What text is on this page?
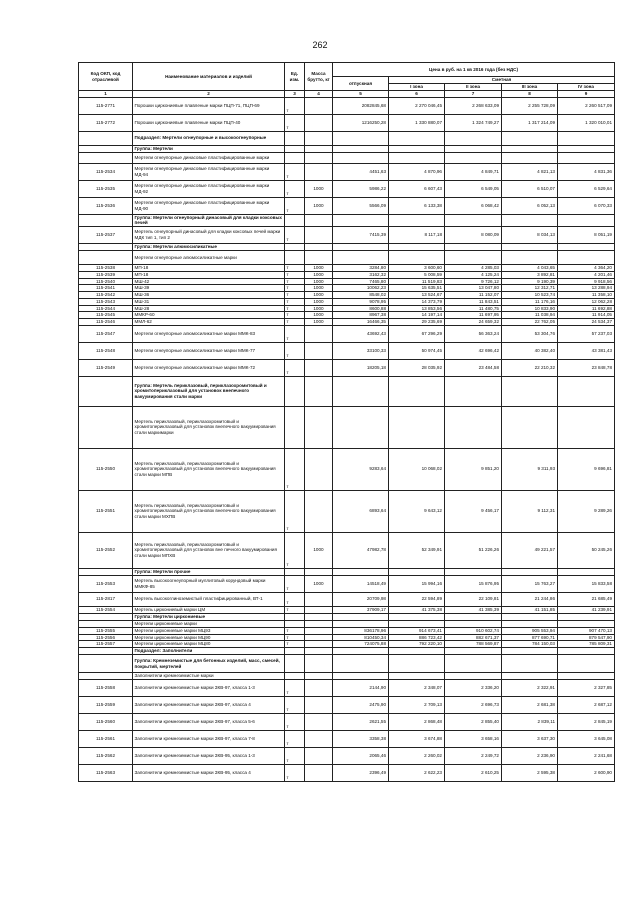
262
Код ОКП, код отраслевой	Наименование материалов и изделий	Ед. изм.	Масса брутто, кг	Цена в руб. на 1 кв 2016 года (без НДС)				
				отпускная	Сметная			
					I зона	II зона	III зона	IV зона
1	2	3	4	5	6	7	8	9
115-2771	Порошки циркониевые плавленые марки ПЦП-71, ПЦП-69	т		2082845,68	2 270 046,45	2 268 633,09	2 255 728,09	2 260 517,09
115-2772	Порошки циркониевые плавленые марки ПЦП-40	т		1216250,28	1 330 880,07	1 324 749,27	1 317 214,09	1 320 010,01
	Подраздел: Мертели огнеупорные и высокоогнеупорные							
	Группа: Мертели							
	Мертели огнеупорные динасовые пластифицированные марки							
115-2534	Мертели огнеупорные динасовые пластифицированные марки МД-94	т		4451,63	4 870,96	4 849,71	4 821,13	4 831,36
115-2535	Мертели огнеупорные динасовые пластифицированные марки МД-92	т	1000	5986,22	6 607,43	6 549,05	6 510,07	6 529,64
115-2536	Мертели огнеупорные динасовые пластифицированные марки МД-90	т	1000	5566,09	6 133,38	6 068,42	6 052,13	6 070,33
	Группа: Мертели огнеупорный динасовый для кладки коксовых печей							
115-2537	Мертель огнеупорный динасовый для кладки коксовых печей марки МДК тип 1, тип 2	т		7415,39	8 117,18	8 080,09	8 034,13	8 051,19
	Группа: Мертели алюмосиликатные							
	Мертели огнеупорные алюмосиликатные марки							
115-2538	МП-18	т	1000	3284,80	3 600,60	4 285,03	4 043,65	4 364,20
115-2539	МП-18	т	1000	3162,32	5 008,59	4 125,24	3 892,81	4 201,46
115-2540	МШ-42	т	1000	7465,80	11 519,83	9 726,12	9 190,39	9 918,56
115-2541	МШ-39	т	1000	10062,23	15 635,51	13 047,80	12 312,71	13 288,94
115-2542	МШ-36	т	1000	8548,02	13 524,67	11 152,07	10 523,74	11 358,10
115-2543	МШ-31	т	1000	9078,95	14 373,79	11 843,51	11 176,16	12 062,28
115-2544	МШ-28	т	1000	8600,88	13 853,56	11 480,75	10 833,90	11 692,88
115-2545	ММКР-60	т	1000	8967,38	14 197,14	11 697,95	11 038,94	11 914,05
115-2546	ММЛ-62	т	1000	16466,35	29 235,69	24 659,32	22 762,05	24 534,37
115-2547	Мертели огнеупорные алюмосиликатные марки ММК-83	т		43692,43	67 296,29	56 363,24	53 304,76	57 237,03
115-2548	Мертели огнеупорные алюмосиликатные марки ММК-77	т		33100,33	50 974,45	42 696,42	40 382,40	43 381,43
115-2549	Мертели огнеупорные алюмосиликатные марки ММК-72	т		18205,18	28 035,92	23 484,58	22 210,32	23 848,78
	Группа: Мертель периклазовый, периклазохромитовый и хромитопериклазовый для установок внепечного вакуумирования стали марки							
	Мертель периклазовый, периклазохромитовый и хромитопериклазовый для установок внепечного вакуумирования стали маркимарки							
115-2550	Мертель периклазовый, периклазохромитовый и хромитопериклазовый для установок внепечного вакуумирования стали марки МПВ	т		9283,64	10 068,02	9 851,20	9 311,93	9 696,81
115-2551	Мертель периклазовый, периклазохромитовый и хромитопериклазовый для установок внепечного вакуумирования стали марки МХПВ	т		6893,64	9 643,12	9 456,17	9 112,31	9 289,26
115-2552	Мертель периклазовый, периклазохромитовый и хромитопериклазовый для установок вне печного вакуумирования стали марки МПХВ	т	1000	47982,78	52 349,91	51 226,26	49 221,57	50 245,26
	Группа: Мертели прочие							
115-2553	Мертель высокоогнеупорный муллитовый корундовый марки ММКФ-85	т	1000	14518,49	15 994,16	15 876,95	15 763,27	15 833,58
115-2817	Мертель высокоглиноземистый пластифицированный, ВТ-1	т		20709,98	22 594,89	22 109,81	21 244,86	21 685,49
115-2554	Мертель циркониевый марки ЦМ	т		37909,17	41 375,38	41 385,39	41 151,85	41 239,91
	Группа: Мертели циркониевые							
	Мертели циркониевые марки							
115-2555	Мертели циркониевые марки МЦ93	т		836178,96	914 673,41	910 602,74	905 553,94	907 470,13
115-2556	Мертели циркониевые марки МЦ90	т		810450,34	886 723,42	882 671,37	877 690,71	879 547,90
115-2557	Мертели циркониевые марки МЦ80	т		724075,88	792 220,10	788 569,87	784 150,03	785 809,31
	Подраздел: Заполнители							
	Группа: Кремнеземистые для бетонных изделий, масс, смесей, покрытий, мертелей							
	Заполнители кремнеземистые марки							
115-2558	Заполнители кремнеземистые марки ЗКВ-97, класса 1-3	т		2144,90	2 348,07	2 336,20	2 322,91	2 327,85
115-2559	Заполнители кремнеземистые марки ЗКВ-97, класса 4	т		2475,90	2 709,13	2 696,73	2 681,38	2 687,12
115-2560	Заполнители кремнеземистые марки ЗКВ-97, класса 5-6	т		2621,55	2 868,48	2 855,40	2 839,11	2 845,19
115-2561	Заполнители кремнеземистые марки ЗКВ-97, класса 7-8	т		3358,38	3 674,88	3 658,16	3 637,30	3 645,08
115-2562	Заполнители кремнеземистые марки ЗКВ-95, класса 1-3	т		2065,46	2 260,02	2 249,72	2 236,90	2 241,68
115-2563	Заполнители кремнеземистые марки ЗКВ-95, класса 4	т		2396,49	2 622,23	2 610,25	2 595,38	2 600,90
